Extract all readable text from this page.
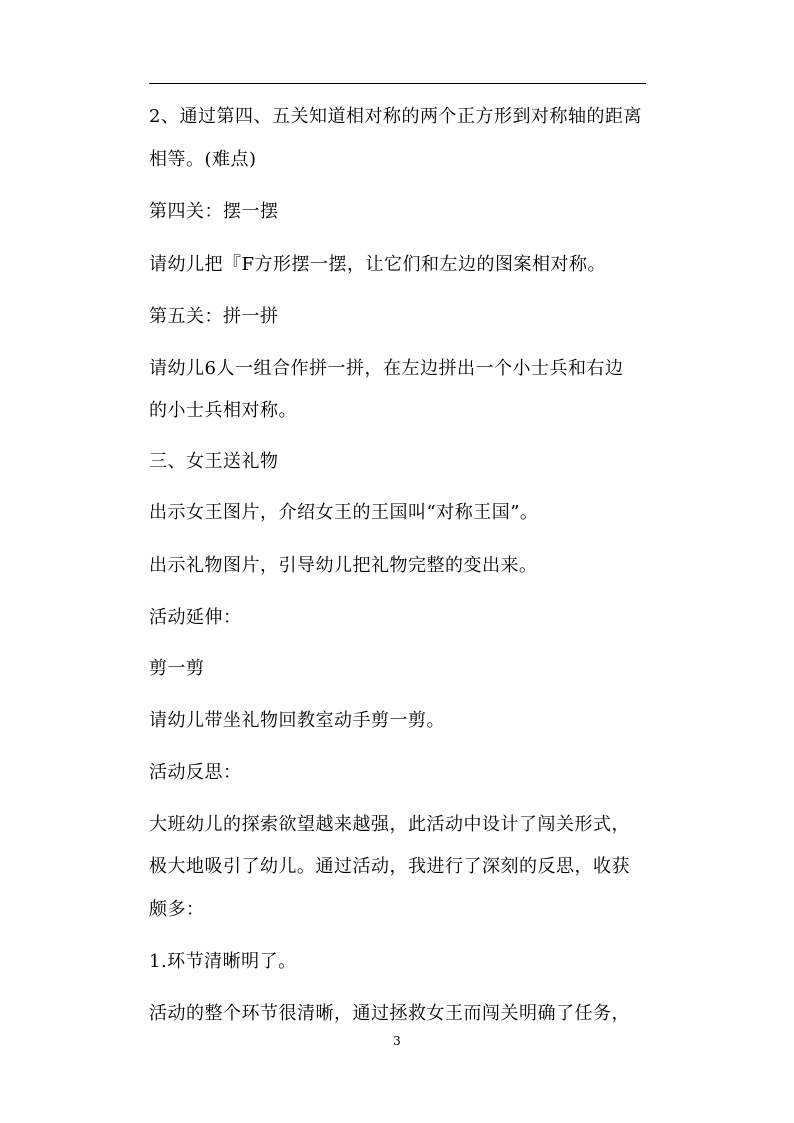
2、通过第四、五关知道相对称的两个正方形到对称轴的距离
相等。(难点)
第四关：摆一摆
请幼儿把『F方形摆一摆，让它们和左边的图案相对称。
第五关：拼一拼
请幼儿6人一组合作拼一拼，在左边拼出一个小士兵和右边
的小士兵相对称。
三、女王送礼物
出示女王图片，介绍女王的王国叫“对称王国”。
出示礼物图片，引导幼儿把礼物完整的变出来。
活动延伸：
剪一剪
请幼儿带坐礼物回教室动手剪一剪。
活动反思：
大班幼儿的探索欲望越来越强，此活动中设计了闯关形式，
极大地吸引了幼儿。通过活动，我进行了深刻的反思，收获
颇多：
1.环节清晰明了。
活动的整个环节很清晰，通过拯救女王而闯关明确了任务，
3
